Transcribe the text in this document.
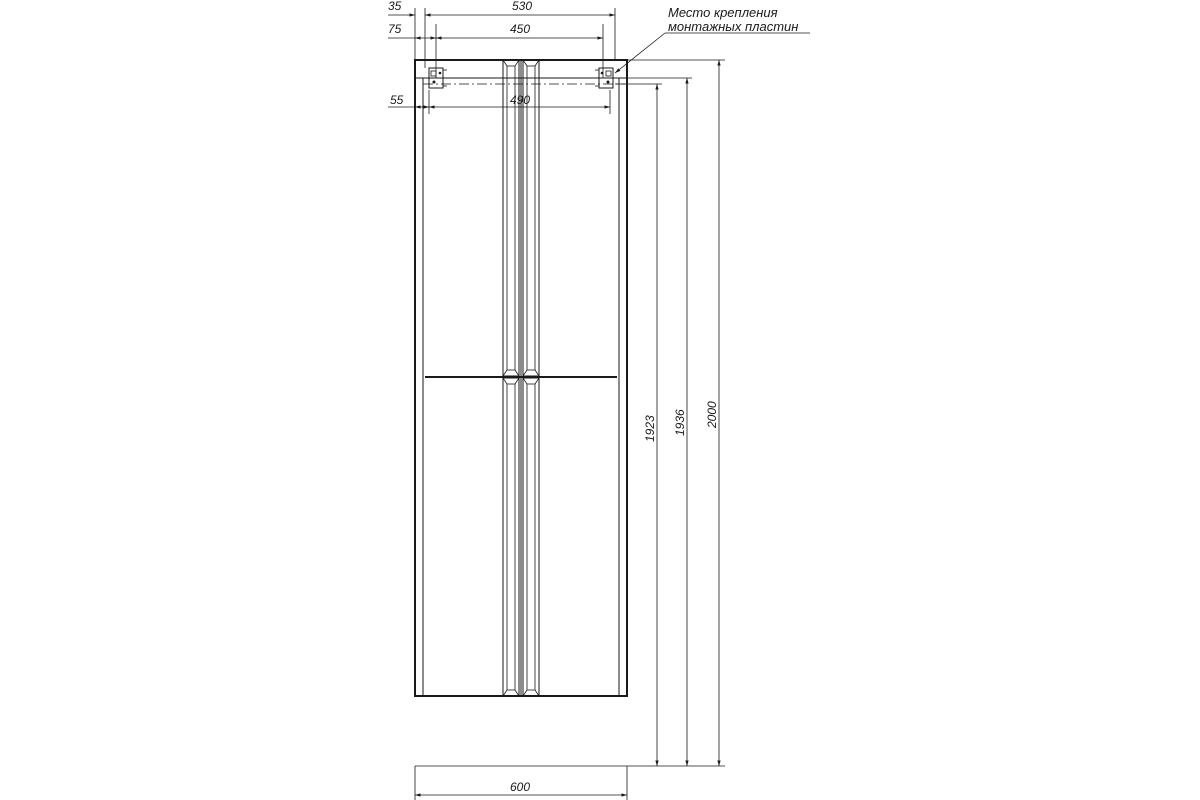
35	530
75	450
55	490
Место крепления
монтажных пластин
1923 1936 2000
600
